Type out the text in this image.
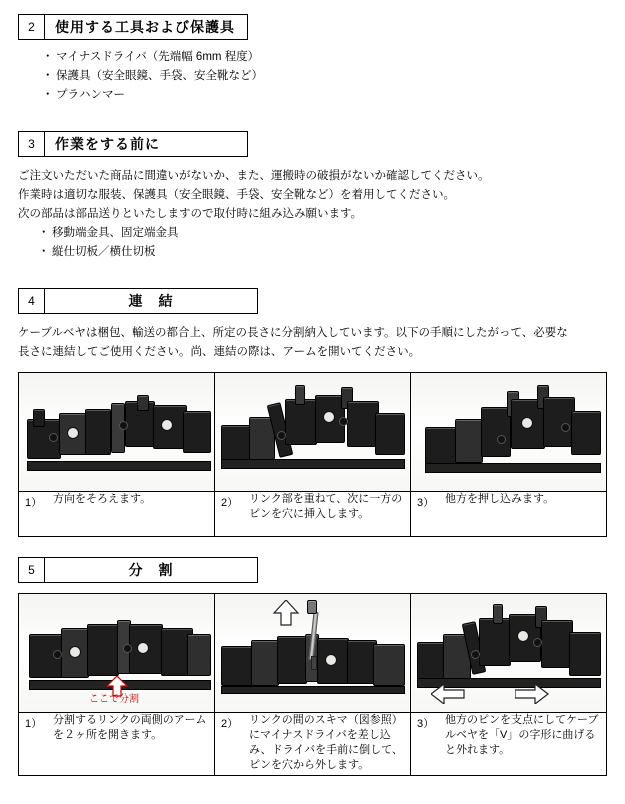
2	使用する工具および保護具
・ マイナスドライバ（先端幅 6mm 程度）
・ 保護具（安全眼鏡、手袋、安全靴など）
・ プラハンマー
3	作業をする前に
ご注文いただいた商品に間違いがないか、また、運搬時の破損がないか確認してください。
作業時は適切な服装、保護具（安全眼鏡、手袋、安全靴など）を着用してください。
次の部品は部品送りといたしますので取付時に組み込み願います。
・ 移動端金具、固定端金具
・ 縦仕切板／横仕切板
4	連　結
ケーブルベヤは梱包、輸送の都合上、所定の長さに分割納入しています。以下の手順にしたがって、必要な
長さに連結してご使用ください。尚、連結の際は、アームを開いてください。

1） 方向をそろえます。	2） リンク部を重ねて、次に一方のピンを穴に挿入します。	3） 他方を押し込みます。
5	分　割
ここで分割

1） 分割するリンクの両側のアームを２ヶ所を開きます。	2） リンクの間のスキマ（図参照）にマイナスドライバを差し込み、ドライバを手前に倒して、ピンを穴から外します。	3） 他方のピンを支点にしてケーブルベヤを「V」の字形に曲げると外れます。
